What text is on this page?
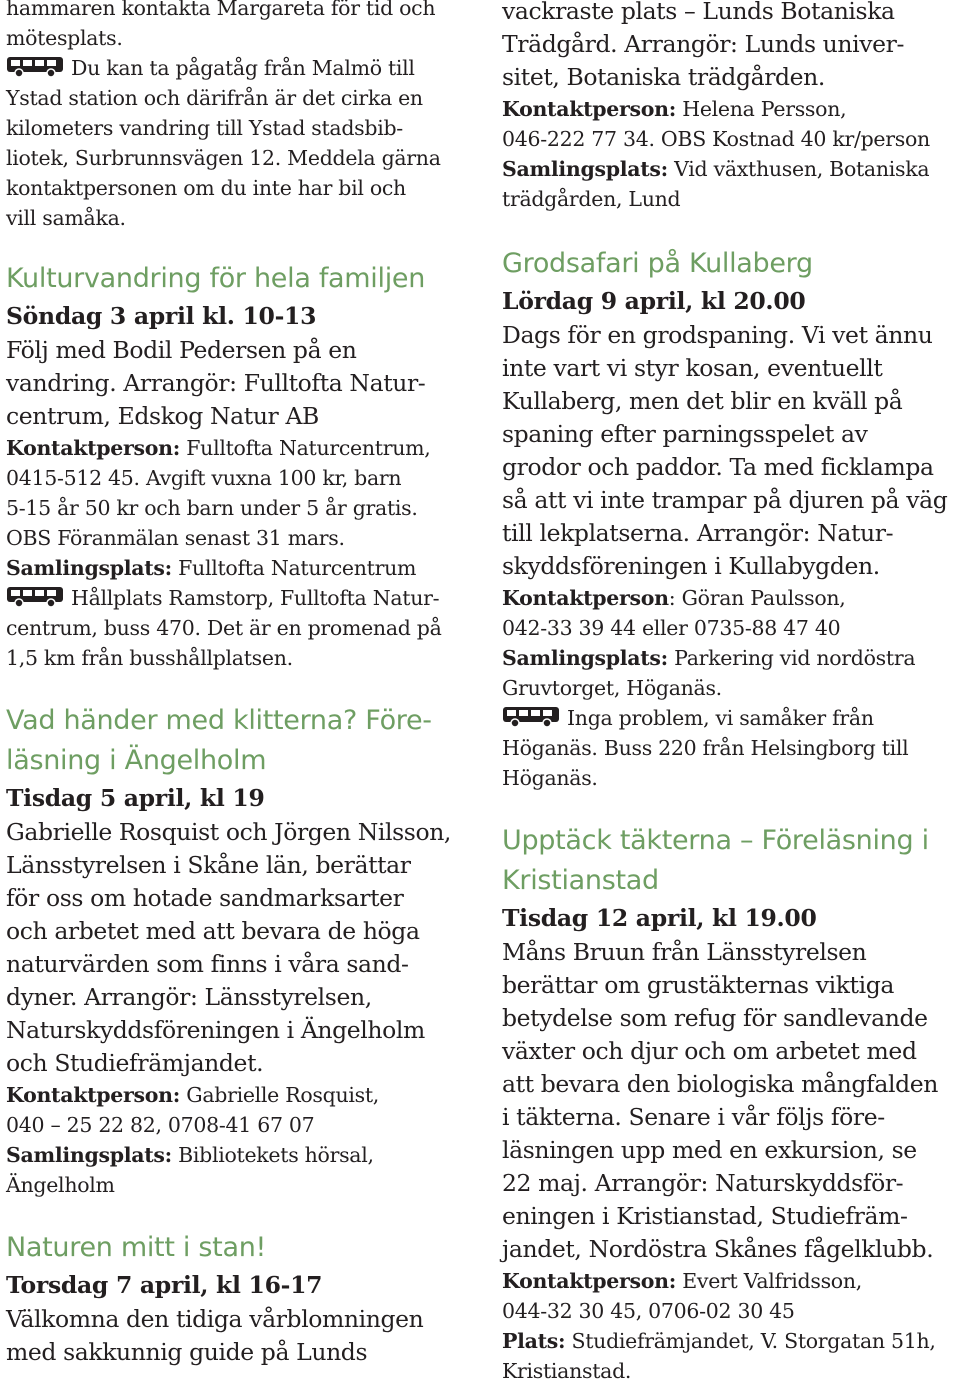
hammaren kontakta Margareta för tid och
mötesplats.
Du kan ta pågatåg från Malmö till
Ystad station och därifrån är det cirka en
kilometers vandring till Ystad stadsbib-
liotek, Surbrunnsvägen 12. Meddela gärna
kontaktpersonen om du inte har bil och
vill samåka.
Kulturvandring för hela familjen
Söndag 3 april kl. 10-13
Följ med Bodil Pedersen på en
vandring. Arrangör: Fulltofta Natur-
centrum, Edskog Natur AB
Kontaktperson: Fulltofta Naturcentrum,
0415-512 45. Avgift vuxna 100 kr, barn
5-15 år 50 kr och barn under 5 år gratis.
OBS Föranmälan senast 31 mars.
Samlingsplats: Fulltofta Naturcentrum
Hållplats Ramstorp, Fulltofta Natur-
centrum, buss 470. Det är en promenad på
1,5 km från busshållplatsen.
Vad händer med klitterna? Före-
läsning i Ängelholm
Tisdag 5 april, kl 19
Gabrielle Rosquist och Jörgen Nilsson,
Länsstyrelsen i Skåne län, berättar
för oss om hotade sandmarksarter
och arbetet med att bevara de höga
naturvärden som finns i våra sand-
dyner. Arrangör: Länsstyrelsen,
Naturskyddsföreningen i Ängelholm
och Studiefrämjandet.
Kontaktperson: Gabrielle Rosquist,
040 – 25 22 82, 0708-41 67 07
Samlingsplats: Bibliotekets hörsal,
Ängelholm
Naturen mitt i stan!
Torsdag 7 april, kl 16-17
Välkomna den tidiga vårblomningen
med sakkunnig guide på Lunds
vackraste plats – Lunds Botaniska
Trädgård. Arrangör: Lunds univer-
sitet, Botaniska trädgården.
Kontaktperson: Helena Persson,
046-222 77 34. OBS Kostnad 40 kr/person
Samlingsplats: Vid växthusen, Botaniska
trädgården, Lund
Grodsafari på Kullaberg
Lördag 9 april, kl 20.00
Dags för en grodspaning. Vi vet ännu
inte vart vi styr kosan, eventuellt
Kullaberg, men det blir en kväll på
spaning efter parningsspelet av
grodor och paddor. Ta med ficklampa
så att vi inte trampar på djuren på väg
till lekplatserna. Arrangör: Natur-
skyddsföreningen i Kullabygden.
Kontaktperson: Göran Paulsson,
042-33 39 44 eller 0735-88 47 40
Samlingsplats: Parkering vid nordöstra
Gruvtorget, Höganäs.
Inga problem, vi samåker från
Höganäs. Buss 220 från Helsingborg till
Höganäs.
Upptäck täkterna – Föreläsning i
Kristianstad
Tisdag 12 april, kl 19.00
Måns Bruun från Länsstyrelsen
berättar om grustäkternas viktiga
betydelse som refug för sandlevande
växter och djur och om arbetet med
att bevara den biologiska mångfalden
i täkterna. Senare i vår följs före-
läsningen upp med en exkursion, se
22 maj. Arrangör: Naturskyddsför-
eningen i Kristianstad, Studiefräm-
jandet, Nordöstra Skånes fågelklubb.
Kontaktperson: Evert Valfridsson,
044-32 30 45, 0706-02 30 45
Plats: Studiefrämjandet, V. Storgatan 51h,
Kristianstad.
